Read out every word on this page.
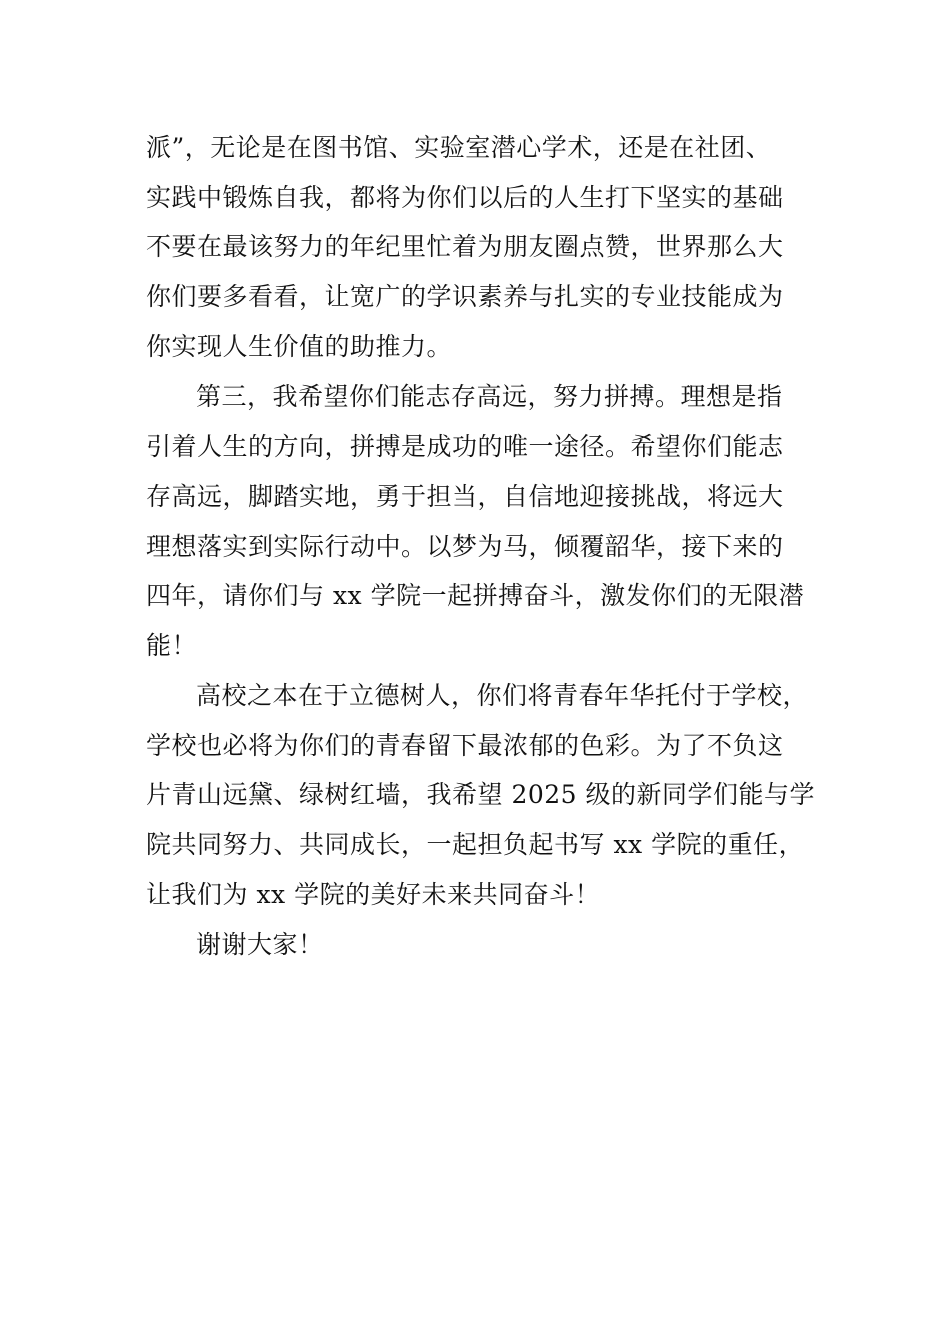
派”，无论是在图书馆、实验室潜心学术，还是在社团、
实践中锻炼自我，都将为你们以后的人生打下坚实的基础
不要在最该努力的年纪里忙着为朋友圈点赞，世界那么大
你们要多看看，让宽广的学识素养与扎实的专业技能成为
你实现人生价值的助推力。
第三，我希望你们能志存高远，努力拼搏。理想是指
引着人生的方向，拼搏是成功的唯一途径。希望你们能志
存高远，脚踏实地，勇于担当，自信地迎接挑战，将远大
理想落实到实际行动中。以梦为马，倾覆韶华，接下来的
四年，请你们与 xx 学院一起拼搏奋斗，激发你们的无限潜
能！
高校之本在于立德树人，你们将青春年华托付于学校，
学校也必将为你们的青春留下最浓郁的色彩。为了不负这
片青山远黛、绿树红墙，我希望 2025 级的新同学们能与学
院共同努力、共同成长，一起担负起书写 xx 学院的重任，
让我们为 xx 学院的美好未来共同奋斗！
谢谢大家！
